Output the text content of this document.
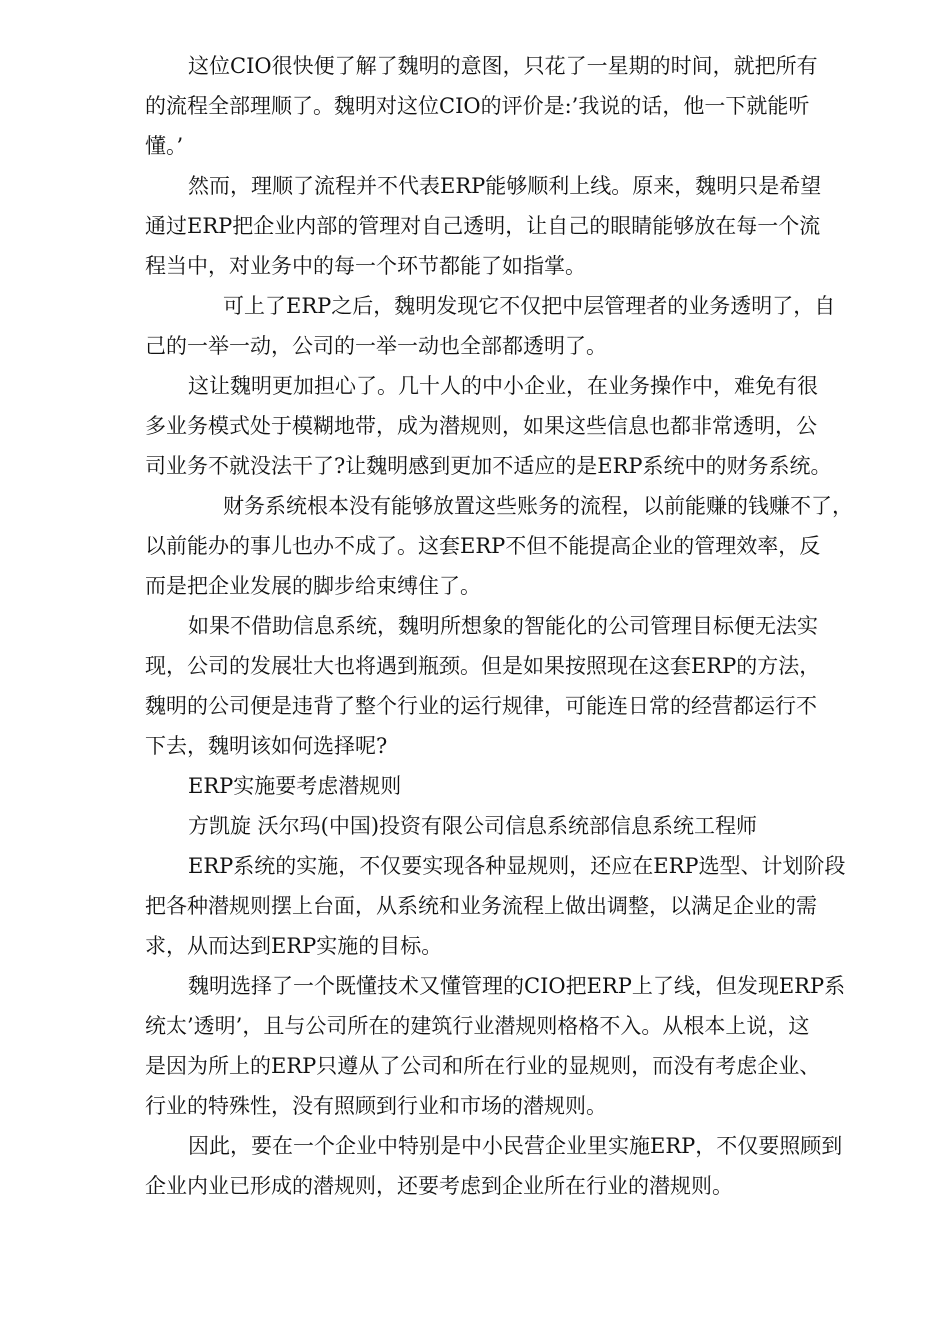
这位CIO很快便了解了魏明的意图，只花了一星期的时间，就把所有
的流程全部理顺了。魏明对这位CIO的评价是:’我说的话，他一下就能听
懂。’
然而，理顺了流程并不代表ERP能够顺利上线。原来，魏明只是希望
通过ERP把企业内部的管理对自己透明，让自己的眼睛能够放在每一个流
程当中，对业务中的每一个环节都能了如指掌。
可上了ERP之后，魏明发现它不仅把中层管理者的业务透明了，自
己的一举一动，公司的一举一动也全部都透明了。
这让魏明更加担心了。几十人的中小企业，在业务操作中，难免有很
多业务模式处于模糊地带，成为潜规则，如果这些信息也都非常透明，公
司业务不就没法干了?让魏明感到更加不适应的是ERP系统中的财务系统。
财务系统根本没有能够放置这些账务的流程，以前能赚的钱赚不了，
以前能办的事儿也办不成了。这套ERP不但不能提高企业的管理效率，反
而是把企业发展的脚步给束缚住了。
如果不借助信息系统，魏明所想象的智能化的公司管理目标便无法实
现，公司的发展壮大也将遇到瓶颈。但是如果按照现在这套ERP的方法，
魏明的公司便是违背了整个行业的运行规律，可能连日常的经营都运行不
下去，魏明该如何选择呢?
ERP实施要考虑潜规则
方凯旋 沃尔玛(中国)投资有限公司信息系统部信息系统工程师
ERP系统的实施，不仅要实现各种显规则，还应在ERP选型、计划阶段
把各种潜规则摆上台面，从系统和业务流程上做出调整，以满足企业的需
求，从而达到ERP实施的目标。
魏明选择了一个既懂技术又懂管理的CIO把ERP上了线，但发现ERP系
统太’透明’，且与公司所在的建筑行业潜规则格格不入。从根本上说，这
是因为所上的ERP只遵从了公司和所在行业的显规则，而没有考虑企业、
行业的特殊性，没有照顾到行业和市场的潜规则。
因此，要在一个企业中特别是中小民营企业里实施ERP，不仅要照顾到
企业内业已形成的潜规则，还要考虑到企业所在行业的潜规则。
